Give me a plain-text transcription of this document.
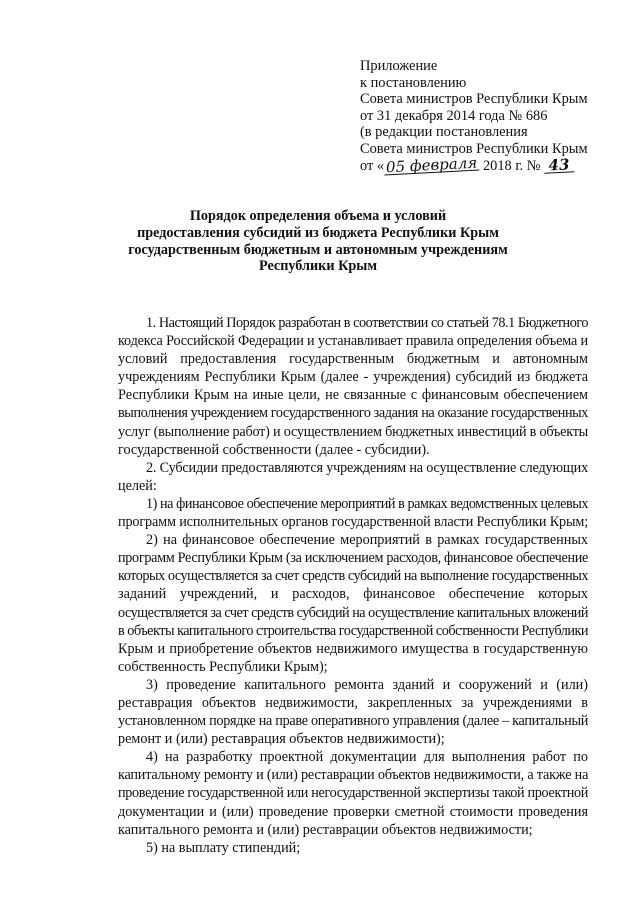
Приложение
к постановлению
Совета министров Республики Крым
от 31 декабря 2014 года № 686
(в редакции постановления
Совета министров Республики Крым
от « 05 февраля 2018 г. № 43
Порядок определения объема и условий
предоставления субсидий из бюджета Республики Крым
государственным бюджетным и автономным учреждениям
Республики Крым
1. Настоящий Порядок разработан в соответствии со статьей 78.1 Бюджетного
кодекса Российской Федерации и устанавливает правила определения объема и
условий предоставления государственным бюджетным и автономным
учреждениям Республики Крым (далее - учреждения) субсидий из бюджета
Республики Крым на иные цели, не связанные с финансовым обеспечением
выполнения учреждением государственного задания на оказание государственных
услуг (выполнение работ) и осуществлением бюджетных инвестиций в объекты
государственной собственности (далее - субсидии).
2. Субсидии предоставляются учреждениям на осуществление следующих
целей:
1) на финансовое обеспечение мероприятий в рамках ведомственных целевых
программ исполнительных органов государственной власти Республики Крым;
2) на финансовое обеспечение мероприятий в рамках государственных
программ Республики Крым (за исключением расходов, финансовое обеспечение
которых осуществляется за счет средств субсидий на выполнение государственных
заданий учреждений, и расходов, финансовое обеспечение которых
осуществляется за счет средств субсидий на осуществление капитальных вложений
в объекты капитального строительства государственной собственности Республики
Крым и приобретение объектов недвижимого имущества в государственную
собственность Республики Крым);
3) проведение капитального ремонта зданий и сооружений и (или)
реставрация объектов недвижимости, закрепленных за учреждениями в
установленном порядке на праве оперативного управления (далее – капитальный
ремонт и (или) реставрация объектов недвижимости);
4) на разработку проектной документации для выполнения работ по
капитальному ремонту и (или) реставрации объектов недвижимости, а также на
проведение государственной или негосударственной экспертизы такой проектной
документации и (или) проведение проверки сметной стоимости проведения
капитального ремонта и (или) реставрации объектов недвижимости;
5) на выплату стипендий;
